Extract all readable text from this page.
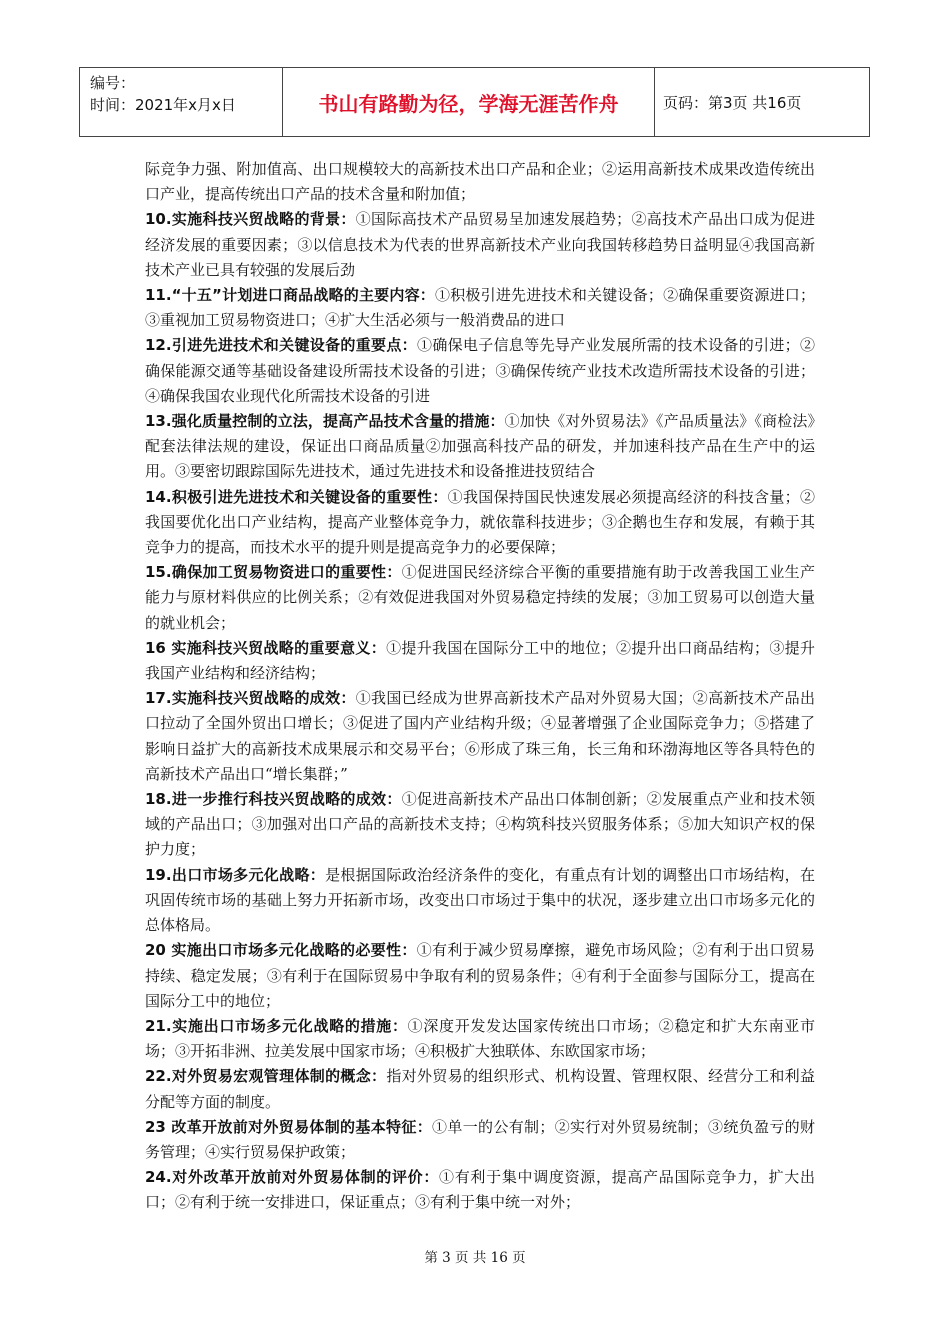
编号：
时间：2021年x月x日	书山有路勤为径，学海无涯苦作舟	页码：第3页 共16页

际竞争力强、附加值高、出口规模较大的高新技术出口产品和企业；②运用高新技术成果改造传统出口产业，提高传统出口产品的技术含量和附加值；

10.实施科技兴贸战略的背景：①国际高技术产品贸易呈加速发展趋势；②高技术产品出口成为促进经济发展的重要因素；③以信息技术为代表的世界高新技术产业向我国转移趋势日益明显④我国高新技术产业已具有较强的发展后劲

11.“十五”计划进口商品战略的主要内容：①积极引进先进技术和关键设备；②确保重要资源进口；③重视加工贸易物资进口；④扩大生活必须与一般消费品的进口

12.引进先进技术和关键设备的重要点：①确保电子信息等先导产业发展所需的技术设备的引进；②确保能源交通等基础设备建设所需技术设备的引进；③确保传统产业技术改造所需技术设备的引进；④确保我国农业现代化所需技术设备的引进

13.强化质量控制的立法，提高产品技术含量的措施：①加快《对外贸易法》《产品质量法》《商检法》配套法律法规的建设，保证出口商品质量②加强高科技产品的研发，并加速科技产品在生产中的运用。③要密切跟踪国际先进技术，通过先进技术和设备推进技贸结合

14.积极引进先进技术和关键设备的重要性：①我国保持国民快速发展必须提高经济的科技含量；②我国要优化出口产业结构，提高产业整体竞争力，就依靠科技进步；③企鹅也生存和发展，有赖于其竞争力的提高，而技术水平的提升则是提高竞争力的必要保障；

15.确保加工贸易物资进口的重要性：①促进国民经济综合平衡的重要措施有助于改善我国工业生产能力与原材料供应的比例关系；②有效促进我国对外贸易稳定持续的发展；③加工贸易可以创造大量的就业机会；

16 实施科技兴贸战略的重要意义：①提升我国在国际分工中的地位；②提升出口商品结构；③提升我国产业结构和经济结构；

17.实施科技兴贸战略的成效：①我国已经成为世界高新技术产品对外贸易大国；②高新技术产品出口拉动了全国外贸出口增长；③促进了国内产业结构升级；④显著增强了企业国际竞争力；⑤搭建了影响日益扩大的高新技术成果展示和交易平台；⑥形成了珠三角，长三角和环渤海地区等各具特色的高新技术产品出口“增长集群；”

18.进一步推行科技兴贸战略的成效：①促进高新技术产品出口体制创新；②发展重点产业和技术领域的产品出口；③加强对出口产品的高新技术支持；④构筑科技兴贸服务体系；⑤加大知识产权的保护力度；

19.出口市场多元化战略：是根据国际政治经济条件的变化，有重点有计划的调整出口市场结构，在巩固传统市场的基础上努力开拓新市场，改变出口市场过于集中的状况，逐步建立出口市场多元化的总体格局。

20 实施出口市场多元化战略的必要性：①有利于减少贸易摩擦，避免市场风险；②有利于出口贸易持续、稳定发展；③有利于在国际贸易中争取有利的贸易条件；④有利于全面参与国际分工，提高在国际分工中的地位；

21.实施出口市场多元化战略的措施：①深度开发发达国家传统出口市场；②稳定和扩大东南亚市场；③开拓非洲、拉美发展中国家市场；④积极扩大独联体、东欧国家市场；

22.对外贸易宏观管理体制的概念：指对外贸易的组织形式、机构设置、管理权限、经营分工和利益分配等方面的制度。

23 改革开放前对外贸易体制的基本特征：①单一的公有制；②实行对外贸易统制；③统负盈亏的财务管理；④实行贸易保护政策；

24.对外改革开放前对外贸易体制的评价：①有利于集中调度资源，提高产品国际竞争力，扩大出口；②有利于统一安排进口，保证重点；③有利于集中统一对外；

第 3 页 共 16 页
